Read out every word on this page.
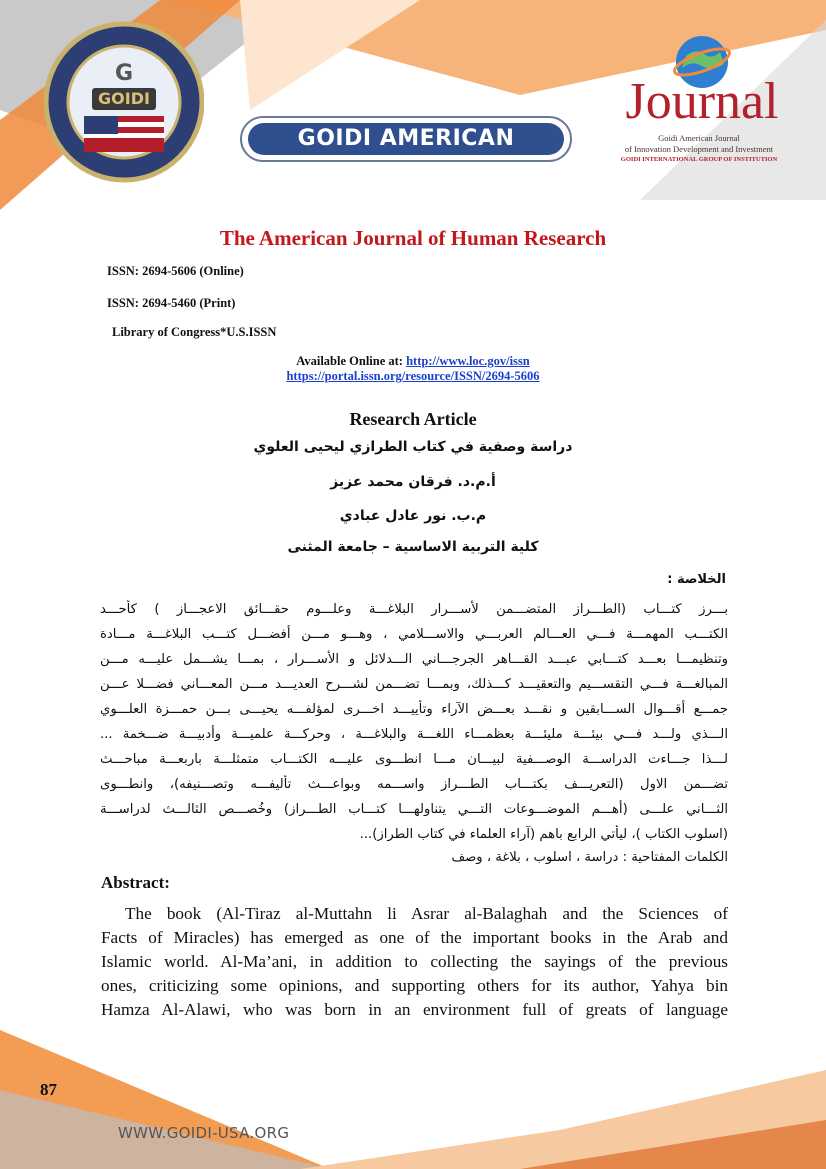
GOIDI
G
GOIDI AMERICAN JOURNAL
Journal
Goidi American Journal
of Innovation Development and Investment
GOIDI INTERNATIONAL GROUP OF INSTITUTION
The American Journal of Human Research
ISSN: 2694-5606 (Online)
ISSN: 2694-5460 (Print)
Library of Congress*U.S.ISSN
Available Online at: http://www.loc.gov/issn
https://portal.issn.org/resource/ISSN/2694-5606
Research Article
دراسة وصفية في كتاب الطرازي ليحيى العلوي
أ.م.د. فرقان محمد عزيز
م.ب. نور عادل عبادي
كلية التربية الاساسية – جامعة المثنى
الخلاصة :
بـــرز كتـــاب (الطـــراز المتضـــمن لأســـرار البلاغـــة وعلـــوم حقـــائق الاعجـــاز ) كأحـــد
الكتـــب المهمـــة فـــي العـــالم العربـــي والاســـلامي ، وهـــو مـــن أفضـــل كتـــب البلاغـــة مـــادة
وتنظيمـــا بعـــد كتـــابي عبـــد القـــاهر الجرجـــاني الـــدلائل و الأســـرار ، بمـــا يشـــمل عليـــه مـــن
المبالغـــة فـــي التقســـيم والتعقيـــد كـــذلك، وبمـــا تضـــمن لشـــرح العديـــد مـــن المعـــاني فضـــلا عـــن
جمـــع أقـــوال الســـابقين و نقـــد بعـــض الآراء وتأييـــد اخـــرى لمؤلفـــه يحيـــى بـــن حمـــزة العلـــوي
الـــذي ولـــد فـــي بيئـــة مليئـــة بعظمـــاء اللغـــة والبلاغـــة ، وحركـــة علميـــة وأدبيـــة ضـــخمة ...
لـــذا جـــاءت الدراســـة الوصـــفية لبيـــان مـــا انطـــوى عليـــه الكتـــاب متمثلـــة باربعـــة مباحـــث
تضـــمن الاول (التعريـــف بكتـــاب الطـــراز واســـمه وبواعـــث تأليفـــه وتصـــنيفه)، وانطـــوى
الثـــاني علـــى (أهـــم الموضـــوعات التـــي يتناولهـــا كتـــاب الطـــراز) وخُصـــص الثالـــث لدراســـة
(اسلوب الكتاب )، ليأتي الرابع باهم (آراء العلماء في كتاب الطراز)...
الكلمات المفتاحية : دراسة ، اسلوب ، بلاغة ، وصف
Abstract:
The book (Al-Tiraz al-Muttahn li Asrar al-Balaghah and the Sciences of
Facts of Miracles) has emerged as one of the important books in the Arab and
Islamic world. Al-Ma’ani, in addition to collecting the sayings of the previous
ones, criticizing some opinions, and supporting others for its author, Yahya bin
Hamza Al-Alawi, who was born in an environment full of greats of language
87
WWW.GOIDI-USA.ORG
